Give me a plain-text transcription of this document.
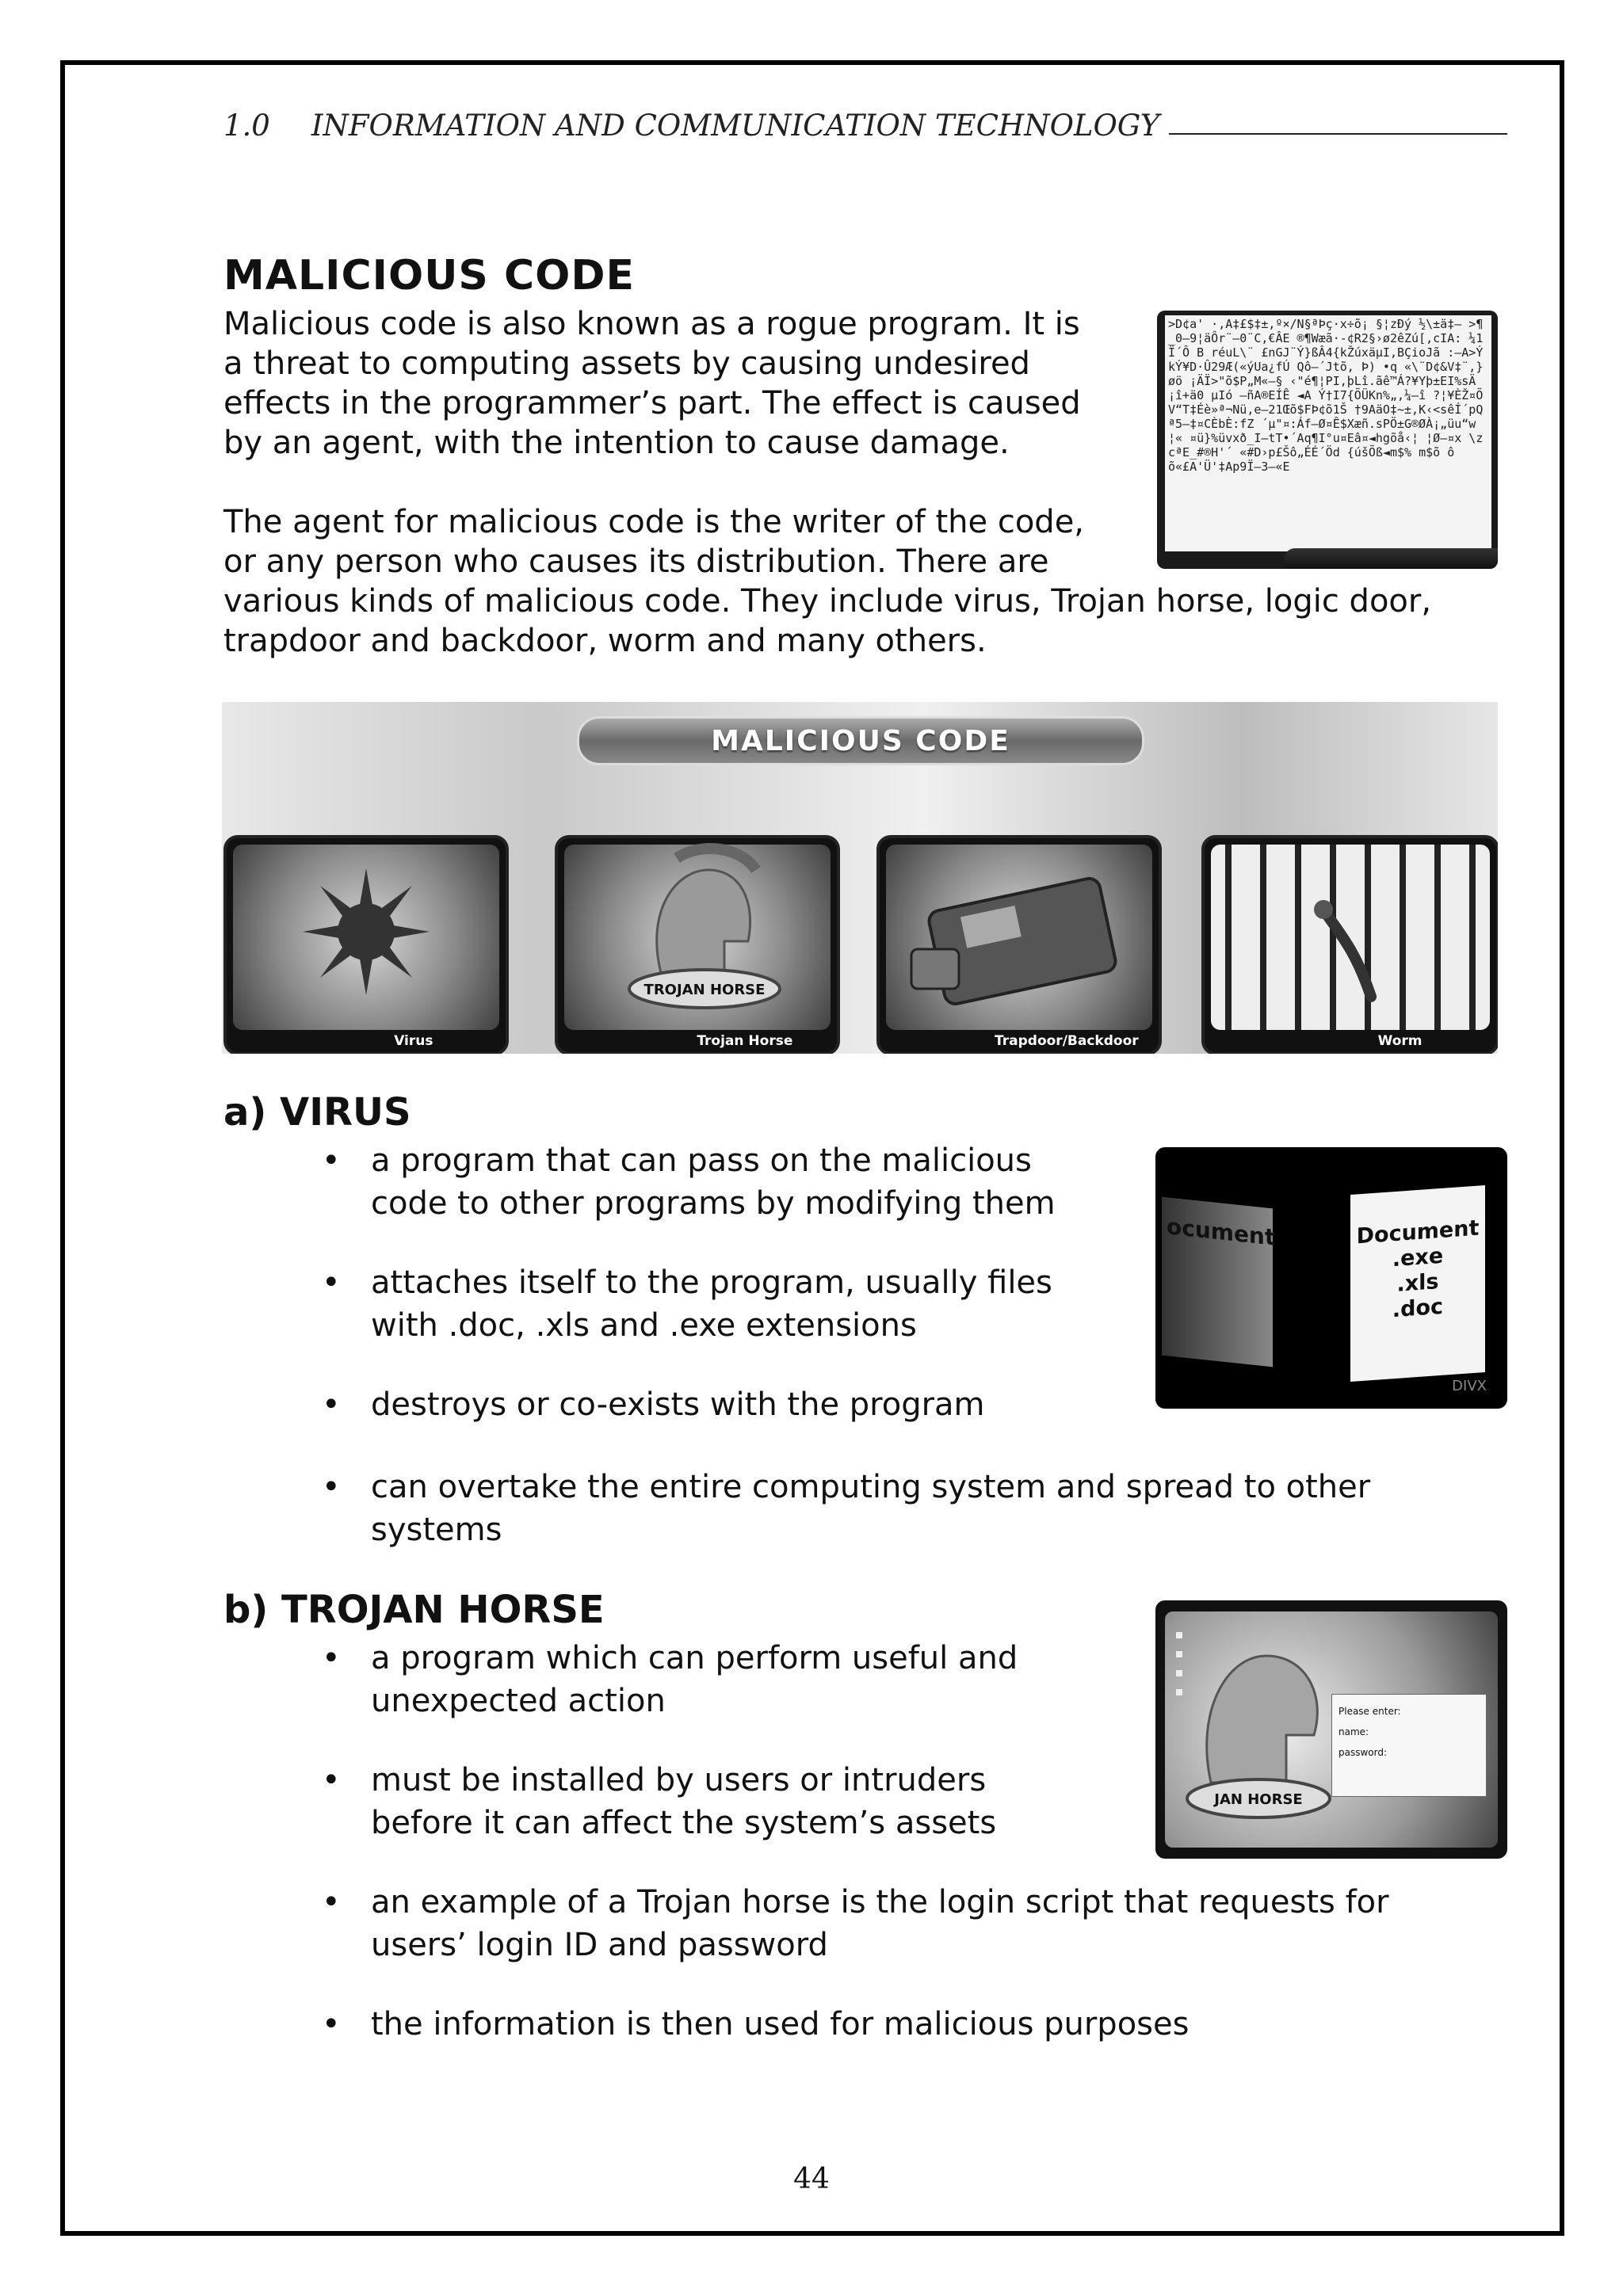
1.0 INFORMATION AND COMMUNICATION TECHNOLOGY
MALICIOUS CODE

Malicious code is also known as a rogue program. It is
a threat to computing assets by causing undesired
effects in the programmer’s part. The effect is caused
by an agent, with the intention to cause damage.

The agent for malicious code is the writer of the code,
or any person who causes its distribution. There are
various kinds of malicious code. They include virus, Trojan horse, logic door,
trapdoor and backdoor, worm and many others.

>D¢a' ·,A‡£$‡±,º×/N§ªÞç·x÷õ¡ §¦zÐý ½\±ä‡– >¶_0–9¦äÔr¨–0¨C,€ÂE ®¶Wæã·-¢R2§›ø2êZú[,cIA: ¼1Ï´Ô B réuL\¨ £nGJ¨Ý}ßÂ4{kŽúxäµI‚BÇioJã :–A>ÝkÝ¥D·Û29Æ(«ýUa¿fÚ Qô–´Jtõ, Þ) •q «\¨D¢&V‡¨,}øö ¡ÄÏ>"õ$P„M«–§ ‹"é¶¦PI,þLî.ãê™Á?¥Yþ±EI%sÄ¡î+ä0 µIó –ñA®EÍÊ ◄A Ý†I7{ÕÜKn%„,¼–î ?¦¥ÈŽ¤ÕV“T‡Éè»ª¬Nü,e–21Œõ$FÞ¢õ1Š †9AäO‡~±,K‹<sêÍ´pQª5–‡¤CÈbÈ:fZ ´µ"¤:Áf–Ø¤Ê$Xæñ.sPÖ±G®ØÀ¡„üu“w¦« ¤ü}%üvxð_I–tT•´Aq¶I°u¤Eâ¤◄hgõå‹¦ ¦Ø–¤x \zcªE_#®H'´ «#D›p£Šô„ÉÉ´Öd {úšÕß◄m$% m$õ ôõ«£A'Ü'‡Ap9Ï–3–«E
MALICIOUS CODE
Virus
TROJAN HORSE
Trojan Horse	Trapdoor/Backdoor	Worm
a) VIRUS

• a program that can pass on the malicious
code to other programs by modifying them

• attaches itself to the program, usually files
with .doc, .xls and .exe extensions

• destroys or co-exists with the program

• can overtake the entire computing system and spread to other
systems

ocument	Document
.exe
.xls
.doc
DIVX
b) TROJAN HORSE

• a program which can perform useful and
unexpected action

• must be installed by users or intruders
before it can affect the system’s assets

• an example of a Trojan horse is the login script that requests for
users’ login ID and password

• the information is then used for malicious purposes

JAN HORSE
Please enter:
name:
password:
44
